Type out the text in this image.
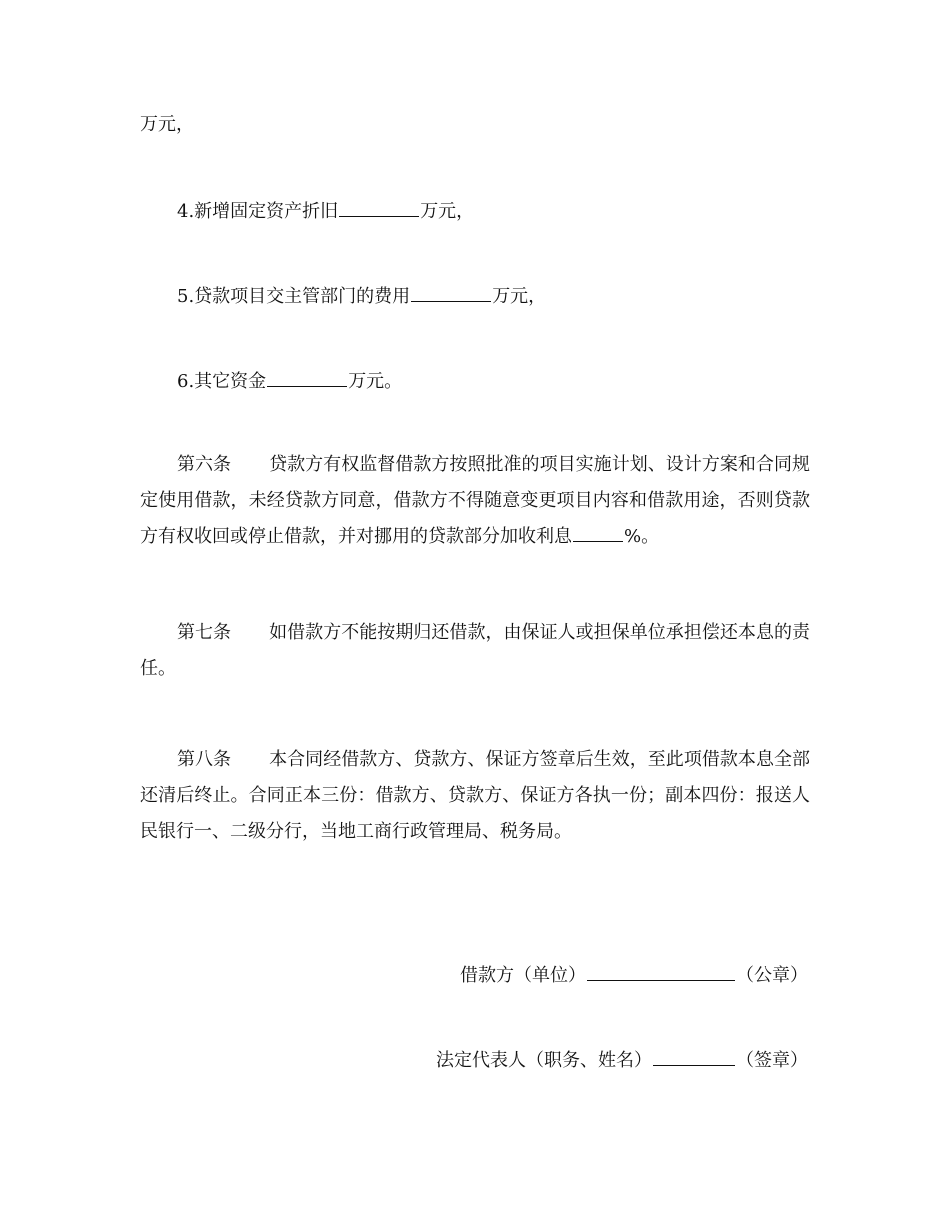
万元，
4.新增固定资产折旧	万元，
5.贷款项目交主管部门的费用	万元，
6.其它资金	万元。
第六条 贷款方有权监督借款方按照批准的项目实施计划、设计方案和合同规定使用借款，未经贷款方同意，借款方不得随意变更项目内容和借款用途，否则贷款方有权收回或停止借款，并对挪用的贷款部分加收利息	%。
第七条 如借款方不能按期归还借款，由保证人或担保单位承担偿还本息的责任。
第八条 本合同经借款方、贷款方、保证方签章后生效，至此项借款本息全部还清后终止。合同正本三份：借款方、贷款方、保证方各执一份；副本四份：报送人民银行一、二级分行，当地工商行政管理局、税务局。
借款方（单位）	（公章）
法定代表人（职务、姓名）	（签章）
